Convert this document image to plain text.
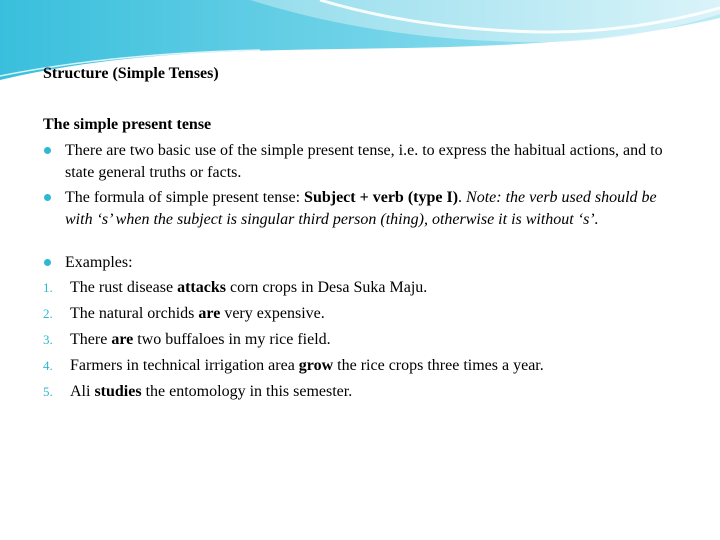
Structure (Simple Tenses)

The simple present tense

There are two basic use of the simple present tense, i.e. to express the habitual actions, and to state general truths or facts.
The formula of simple present tense: Subject + verb (type I). Note: the verb used should be with ‘s’ when the subject is singular third person (thing), otherwise it is without ‘s’.
Examples:
1. The rust disease attacks corn crops in Desa Suka Maju.
2. The natural orchids are very expensive.
3. There are two buffaloes in my rice field.
4. Farmers in technical irrigation area grow the rice crops three times a year.
5. Ali studies the entomology in this semester.
